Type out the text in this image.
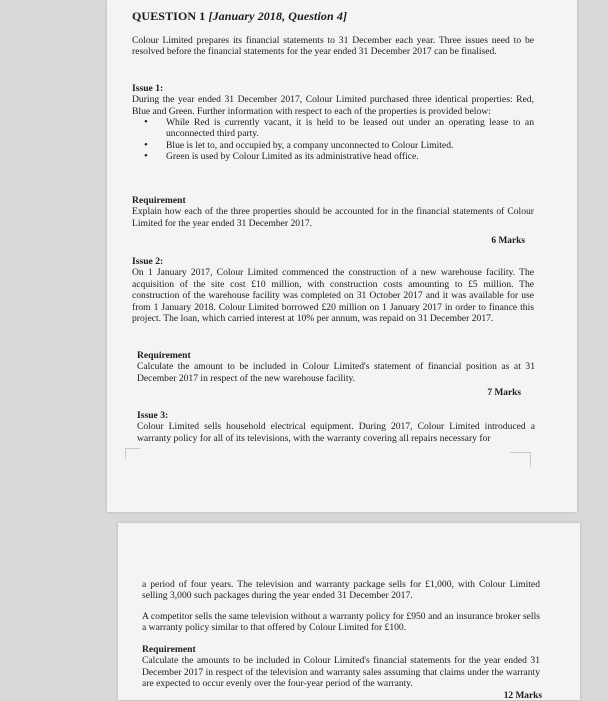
QUESTION 1 [January 2018, Question 4]

Colour Limited prepares its financial statements to 31 December each year. Three issues need to be resolved before the financial statements for the year ended 31 December 2017 can be finalised.

Issue 1:

During the year ended 31 December 2017, Colour Limited purchased three identical properties: Red, Blue and Green. Further information with respect to each of the properties is provided below:

• While Red is currently vacant, it is held to be leased out under an operating lease to an unconnected third party.
• Blue is let to, and occupied by, a company unconnected to Colour Limited.
• Green is used by Colour Limited as its administrative head office.

Requirement

Explain how each of the three properties should be accounted for in the financial statements of Colour Limited for the year ended 31 December 2017.

6 Marks

Issue 2:

On 1 January 2017, Colour Limited commenced the construction of a new warehouse facility. The acquisition of the site cost £10 million, with construction costs amounting to £5 million. The construction of the warehouse facility was completed on 31 October 2017 and it was available for use from 1 January 2018. Colour Limited borrowed £20 million on 1 January 2017 in order to finance this project. The loan, which carried interest at 10% per annum, was repaid on 31 December 2017.

Requirement

Calculate the amount to be included in Colour Limited's statement of financial position as at 31 December 2017 in respect of the new warehouse facility.

7 Marks

Issue 3:

Colour Limited sells household electrical equipment. During 2017, Colour Limited introduced a warranty policy for all of its televisions, with the warranty covering all repairs necessary for

a period of four years. The television and warranty package sells for £1,000, with Colour Limited selling 3,000 such packages during the year ended 31 December 2017.

A competitor sells the same television without a warranty policy for £950 and an insurance broker sells a warranty policy similar to that offered by Colour Limited for £100.

Requirement

Calculate the amounts to be included in Colour Limited's financial statements for the year ended 31 December 2017 in respect of the television and warranty sales assuming that claims under the warranty are expected to occur evenly over the four-year period of the warranty.

12 Marks
